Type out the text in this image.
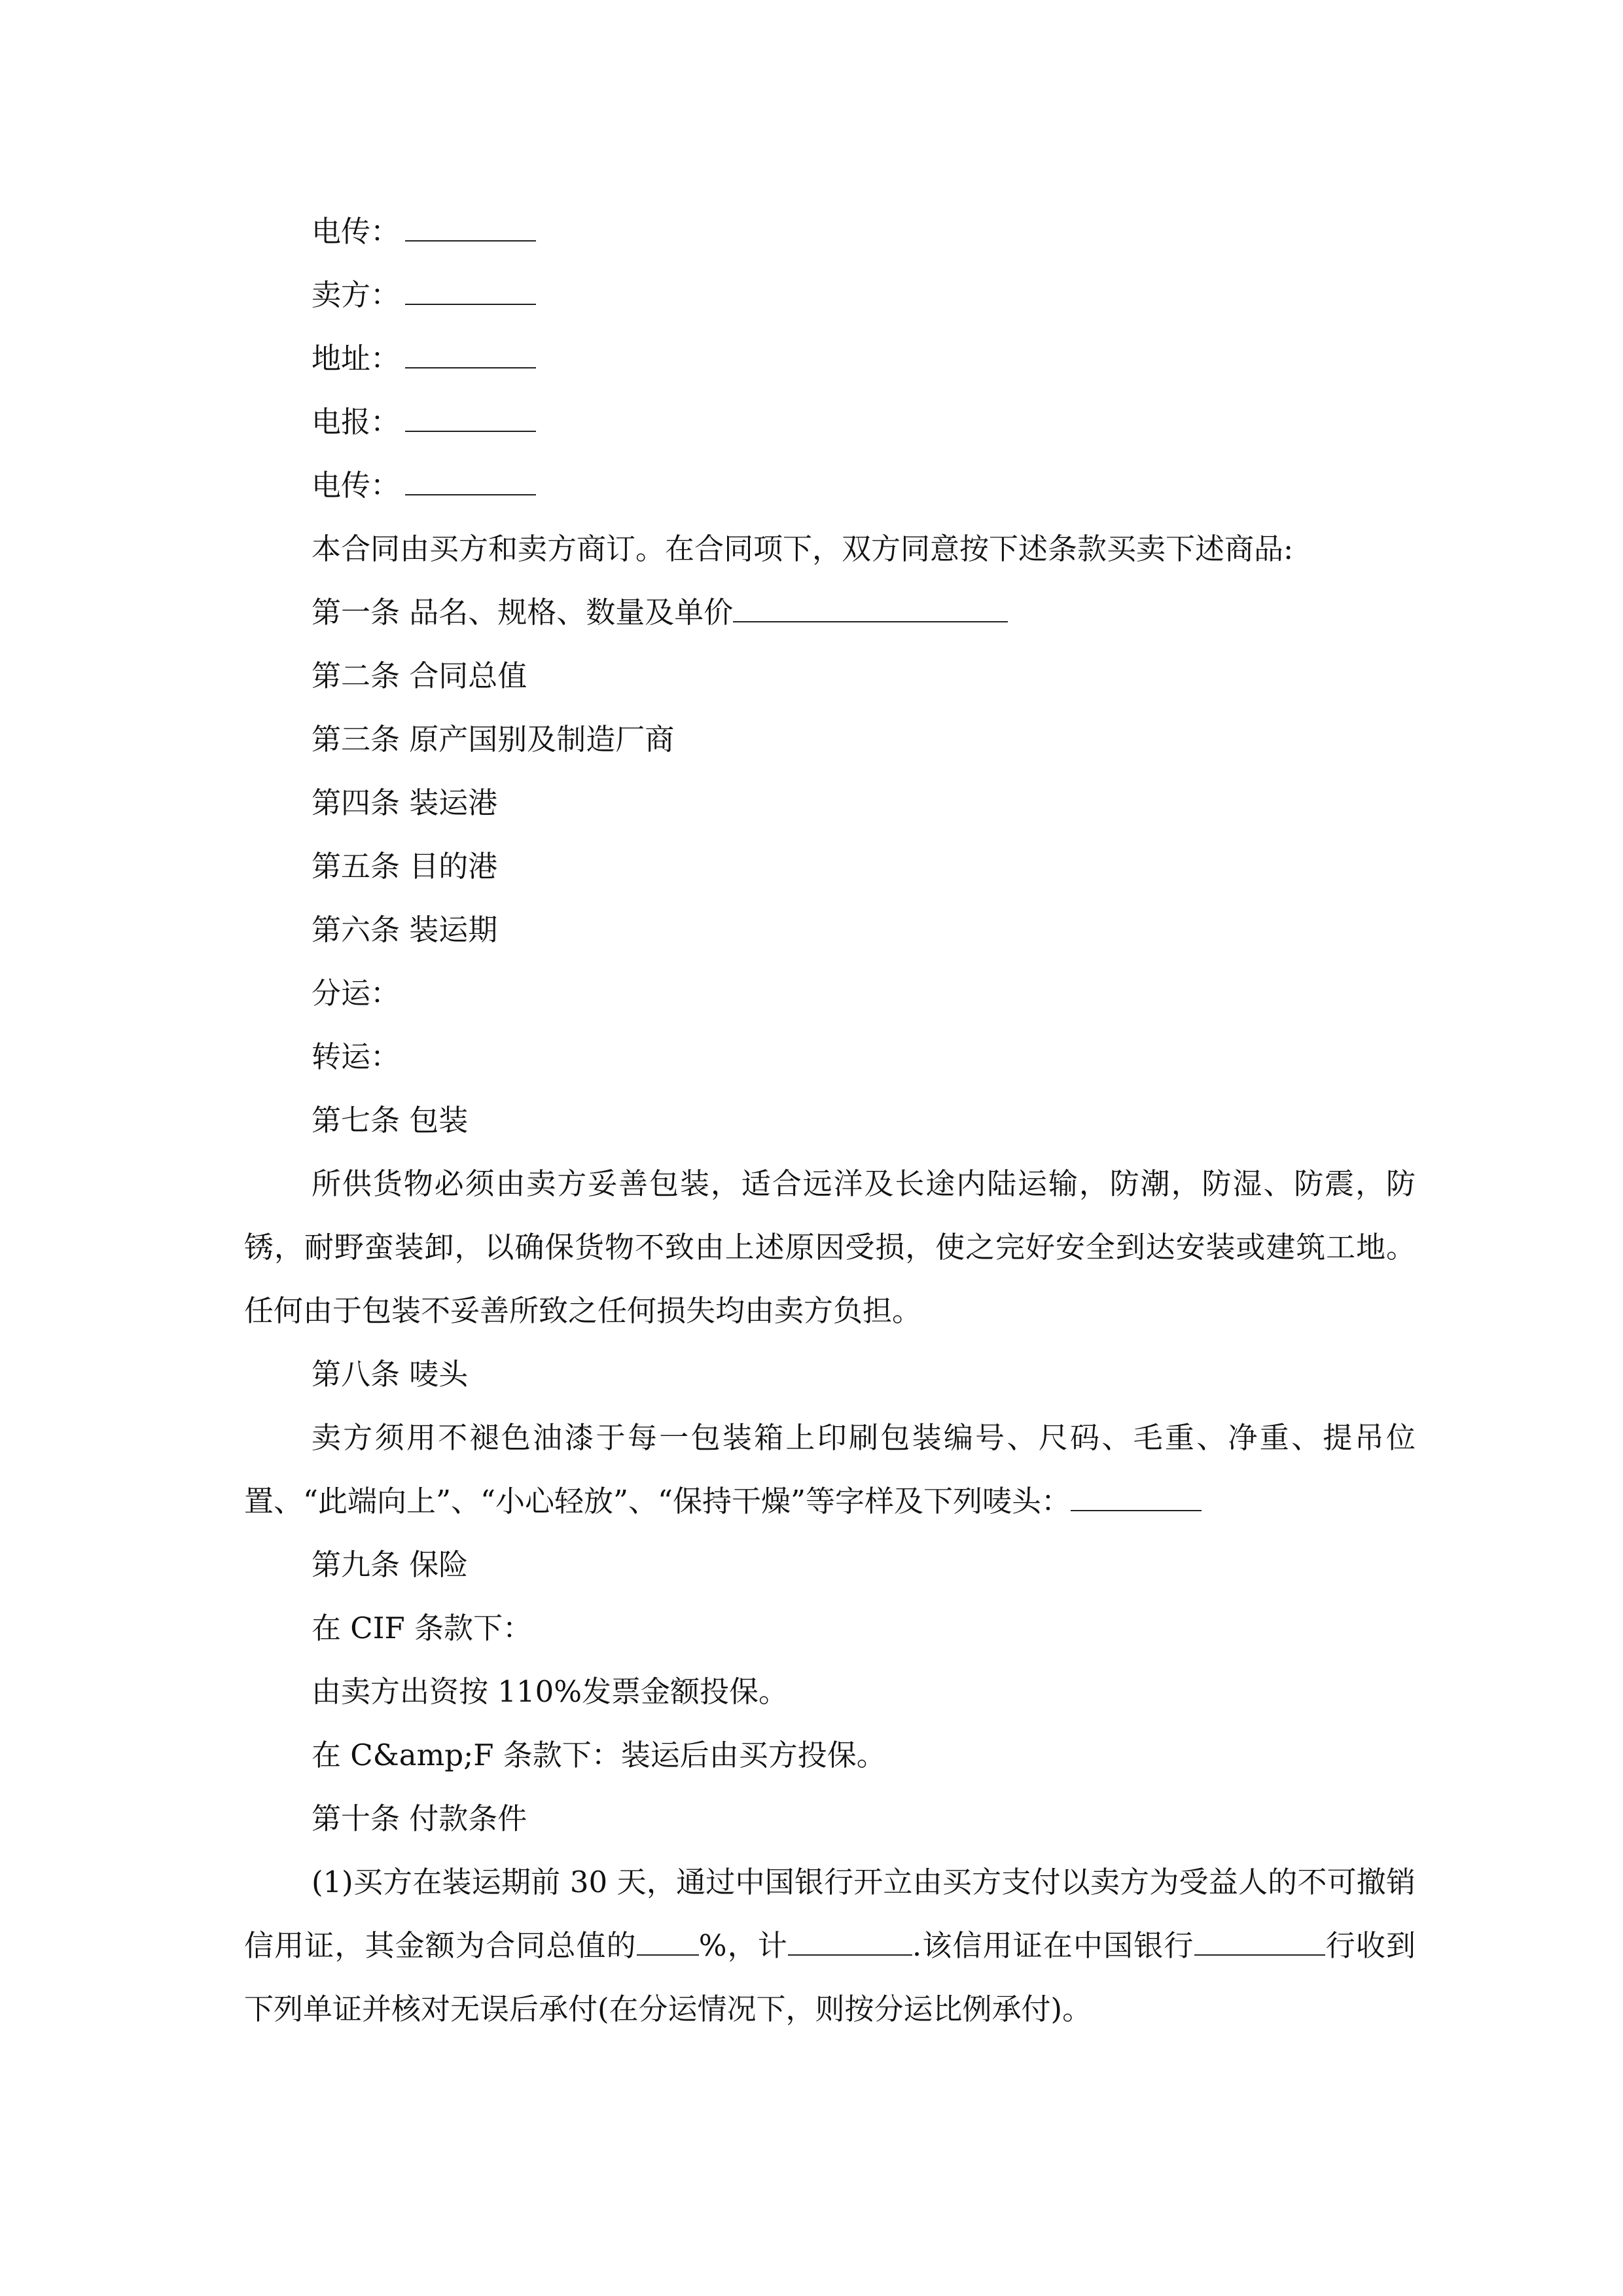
电传：
卖方：
地址：
电报：
电传：
本合同由买方和卖方商订。在合同项下，双方同意按下述条款买卖下述商品:
第一条 品名、规格、数量及单价
第二条 合同总值
第三条 原产国别及制造厂商
第四条 装运港
第五条 目的港
第六条 装运期
分运：
转运：
第七条 包装
所供货物必须由卖方妥善包装，适合远洋及长途内陆运输，防潮，防湿、防震，防锈，耐野蛮装卸，以确保货物不致由上述原因受损，使之完好安全到达安装或建筑工地。任何由于包装不妥善所致之任何损失均由卖方负担。
第八条 唛头
卖方须用不褪色油漆于每一包装箱上印刷包装编号、尺码、毛重、净重、提吊位置、“此端向上”、“小心轻放”、“保持干燥”等字样及下列唛头：
第九条 保险
在 CIF 条款下：
由卖方出资按 110%发票金额投保。
在 C&amp;F 条款下：装运后由买方投保。
第十条 付款条件
(1)买方在装运期前 30 天，通过中国银行开立由买方支付以卖方为受益人的不可撤销信用证，其金额为合同总值的 %，计	.该信用证在中国银行	行收到下列单证并核对无误后承付(在分运情况下，则按分运比例承付)。
